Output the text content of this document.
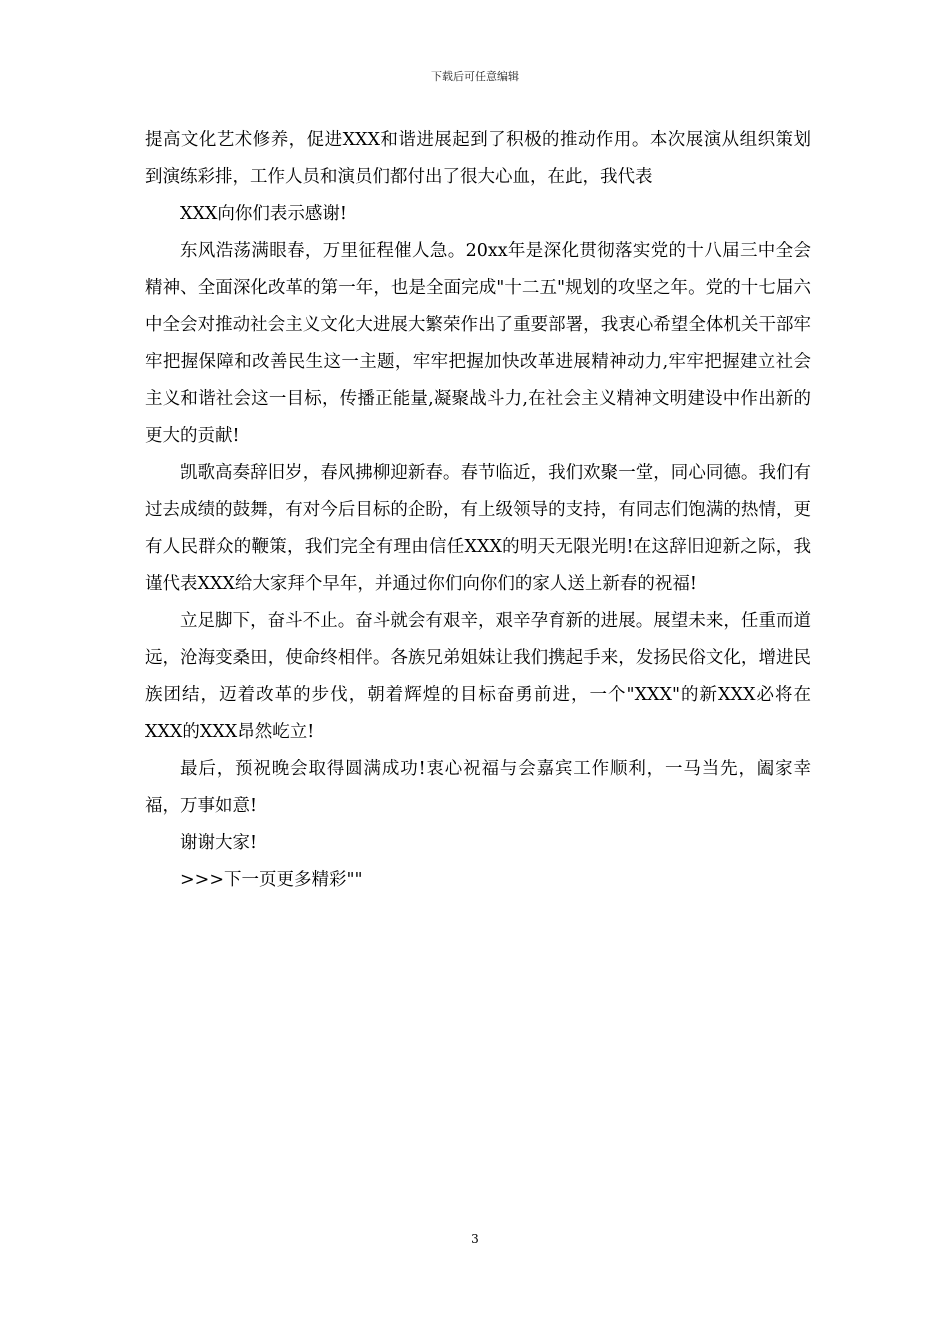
下载后可任意编辑

提高文化艺术修养，促进XXX和谐进展起到了积极的推动作用。本次展演从组织策划到演练彩排，工作人员和演员们都付出了很大心血，在此，我代表

XXX向你们表示感谢!

东风浩荡满眼春，万里征程催人急。20xx年是深化贯彻落实党的十八届三中全会精神、全面深化改革的第一年，也是全面完成"十二五"规划的攻坚之年。党的十七届六中全会对推动社会主义文化大进展大繁荣作出了重要部署，我衷心希望全体机关干部牢牢把握保障和改善民生这一主题，牢牢把握加快改革进展精神动力,牢牢把握建立社会主义和谐社会这一目标，传播正能量,凝聚战斗力,在社会主义精神文明建设中作出新的更大的贡献!

凯歌高奏辞旧岁，春风拂柳迎新春。春节临近，我们欢聚一堂，同心同德。我们有过去成绩的鼓舞，有对今后目标的企盼，有上级领导的支持，有同志们饱满的热情，更有人民群众的鞭策，我们完全有理由信任XXX的明天无限光明!在这辞旧迎新之际，我谨代表XXX给大家拜个早年，并通过你们向你们的家人送上新春的祝福!

立足脚下，奋斗不止。奋斗就会有艰辛，艰辛孕育新的进展。展望未来，任重而道远，沧海变桑田，使命终相伴。各族兄弟姐妹让我们携起手来，发扬民俗文化，增进民族团结，迈着改革的步伐，朝着辉煌的目标奋勇前进，一个"XXX"的新XXX必将在XXX的XXX昂然屹立!

最后，预祝晚会取得圆满成功!衷心祝福与会嘉宾工作顺利，一马当先，阖家幸福，万事如意!

谢谢大家!

>>>下一页更多精彩""

3
